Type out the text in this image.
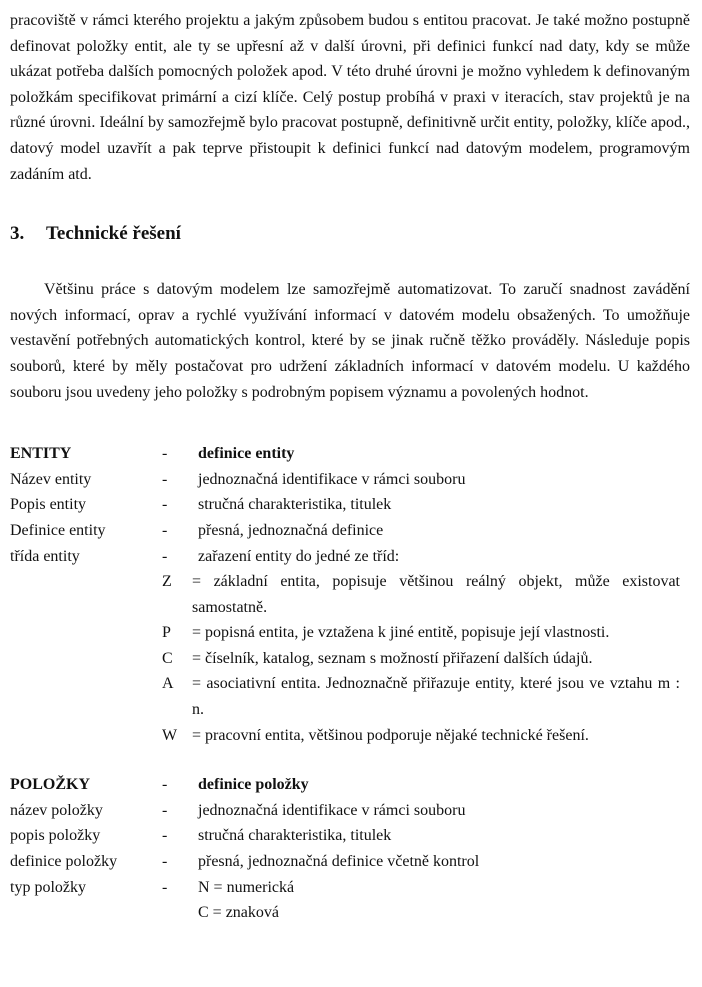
pracoviště v rámci kterého projektu a jakým způsobem budou s entitou pracovat. Je také možno postupně definovat položky entit, ale ty se upřesní až v další úrovni, při definici funkcí nad daty, kdy se může ukázat potřeba dalších pomocných položek apod. V této druhé úrovni je možno vyhledem k definovaným položkám specifikovat primární a cizí klíče. Celý postup probíhá v praxi v iteracích, stav projektů je na různé úrovni. Ideální by samozřejmě bylo pracovat postupně, definitivně určit entity, položky, klíče apod., datový model uzavřít a pak teprve přistoupit k definici funkcí nad datovým modelem, programovým zadáním atd.

3. Technické řešení

Většinu práce s datovým modelem lze samozřejmě automatizovat. To zaručí snadnost zavádění nových informací, oprav a rychlé využívání informací v datovém modelu obsažených. To umožňuje vestavění potřebných automatických kontrol, které by se jinak ručně těžko prováděly. Následuje popis souborů, které by měly postačovat pro udržení základních informací v datovém modelu. U každého souboru jsou uvedeny jeho položky s podrobným popisem významu a povolených hodnot.

ENTITY	-	definice entity
Název entity	-	jednoznačná identifikace v rámci souboru
Popis entity	-	stručná charakteristika, titulek
Definice entity	-	přesná, jednoznačná definice
třída entity	-	zařazení entity do jedné ze tříd:
Z	= základní entita, popisuje většinou reálný objekt, může existovat samostatně.
P	= popisná entita, je vztažena k jiné entitě, popisuje její vlastnosti.
C	= číselník, katalog, seznam s možností přiřazení dalších údajů.
A	= asociativní entita. Jednoznačně přiřazuje entity, které jsou ve vztahu m : n.
W = pracovní entita, většinou podporuje nějaké technické řešení.
POLOŽKY	-	definice položky
název položky	-	jednoznačná identifikace v rámci souboru
popis položky	-	stručná charakteristika, titulek
definice položky	-	přesná, jednoznačná definice včetně kontrol
typ položky	-	N = numerická
C = znaková
